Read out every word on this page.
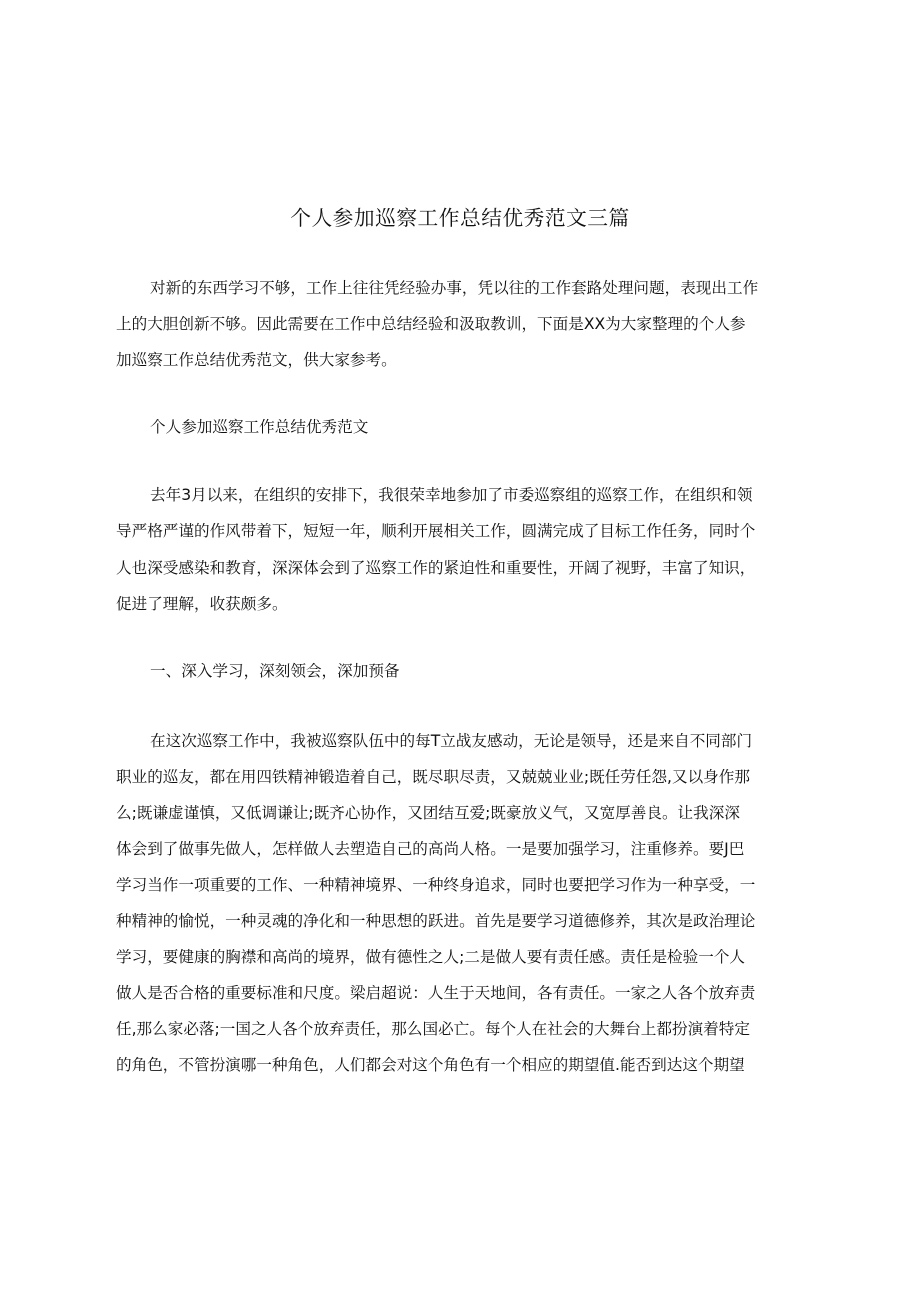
个人参加巡察工作总结优秀范文三篇

对新的东西学习不够，工作上往往凭经验办事，凭以往的工作套路处理问题，表现出工作

上的大胆创新不够。因此需要在工作中总结经验和汲取教训，下面是XX为大家整理的个人参

加巡察工作总结优秀范文，供大家参考。

个人参加巡察工作总结优秀范文

去年3月以来，在组织的安排下，我很荣幸地参加了市委巡察组的巡察工作，在组织和领

导严格严谨的作风带着下，短短一年，顺利开展相关工作，圆满完成了目标工作任务，同时个

人也深受感染和教育，深深体会到了巡察工作的紧迫性和重要性，开阔了视野，丰富了知识，

促进了理解，收获颇多。

一、深入学习，深刻领会，深加预备

在这次巡察工作中，我被巡察队伍中的每T立战友感动，无论是领导，还是来自不同部门

职业的巡友，都在用四铁精神锻造着自己，既尽职尽责，又兢兢业业;既任劳任怨,又以身作那

么;既谦虚谨慎，又低调谦让;既齐心协作，又团结互爱;既豪放义气，又宽厚善良。让我深深

体会到了做事先做人，怎样做人去塑造自己的高尚人格。一是要加强学习，注重修养。要J巴

学习当作一项重要的工作、一种精神境界、一种终身追求，同时也要把学习作为一种享受，一

种精神的愉悦，一种灵魂的净化和一种思想的跃进。首先是要学习道德修养，其次是政治理论

学习，要健康的胸襟和高尚的境界，做有德性之人;二是做人要有责任感。责任是检验一个人

做人是否合格的重要标准和尺度。梁启超说：人生于天地间，各有责任。一家之人各个放弃责

任,那么家必落;一国之人各个放弃责任，那么国必亡。每个人在社会的大舞台上都扮演着特定

的角色，不管扮演哪一种角色，人们都会对这个角色有一个相应的期望值.能否到达这个期望
